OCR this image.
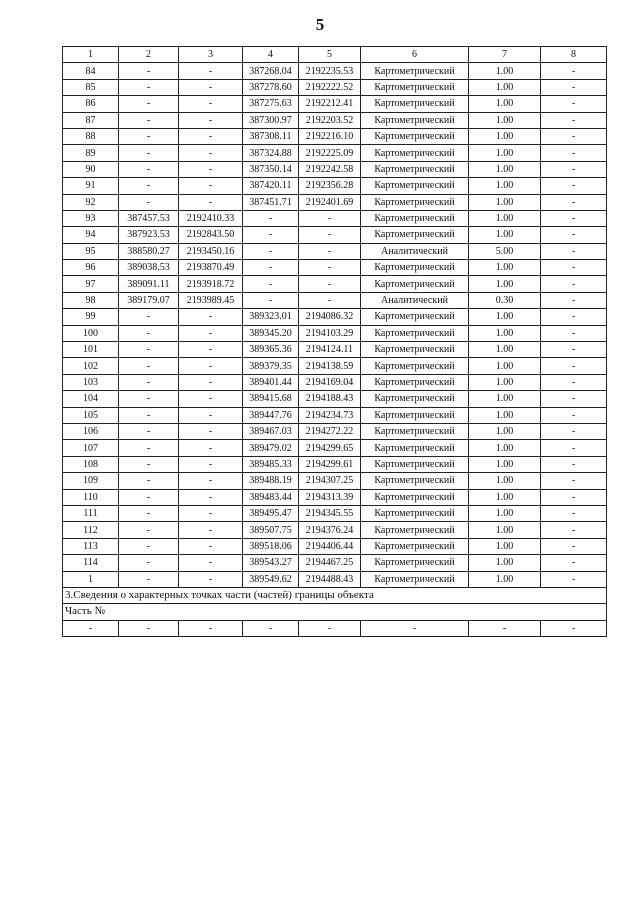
5
1	2	3	4	5	6	7	8
84	-	-	387268.04	2192235.53	Картометрический	1.00	-
85	-	-	387278.60	2192222.52	Картометрический	1.00	-
86	-	-	387275.63	2192212.41	Картометрический	1.00	-
87	-	-	387300.97	2192203.52	Картометрический	1.00	-
88	-	-	387308.11	2192216.10	Картометрический	1.00	-
89	-	-	387324.88	2192225.09	Картометрический	1.00	-
90	-	-	387350.14	2192242.58	Картометрический	1.00	-
91	-	-	387420.11	2192356.28	Картометрический	1.00	-
92	-	-	387451.71	2192401.69	Картометрический	1.00	-
93	387457.53	2192410.33	-	-	Картометрический	1.00	-
94	387923.53	2192843.50	-	-	Картометрический	1.00	-
95	388580.27	2193450.16	-	-	Аналитический	5.00	-
96	389038.53	2193870.49	-	-	Картометрический	1.00	-
97	389091.11	2193918.72	-	-	Картометрический	1.00	-
98	389179.07	2193989.45	-	-	Аналитический	0.30	-
99	-	-	389323.01	2194086.32	Картометрический	1.00	-
100	-	-	389345.20	2194103.29	Картометрический	1.00	-
101	-	-	389365.36	2194124.11	Картометрический	1.00	-
102	-	-	389379.35	2194138.59	Картометрический	1.00	-
103	-	-	389401.44	2194169.04	Картометрический	1.00	-
104	-	-	389415.68	2194188.43	Картометрический	1.00	-
105	-	-	389447.76	2194234.73	Картометрический	1.00	-
106	-	-	389467.03	2194272.22	Картометрический	1.00	-
107	-	-	389479.02	2194299.65	Картометрический	1.00	-
108	-	-	389485.33	2194299.61	Картометрический	1.00	-
109	-	-	389488.19	2194307.25	Картометрический	1.00	-
110	-	-	389483.44	2194313.39	Картометрический	1.00	-
111	-	-	389495.47	2194345.55	Картометрический	1.00	-
112	-	-	389507.75	2194376.24	Картометрический	1.00	-
113	-	-	389518.06	2194406.44	Картометрический	1.00	-
114	-	-	389543.27	2194467.25	Картометрический	1.00	-
1	-	-	389549.62	2194488.43	Картометрический	1.00	-
3.Сведения о характерных точках части (частей) границы объекта							
Часть №							
-	-	-	-	-	-	-	-
